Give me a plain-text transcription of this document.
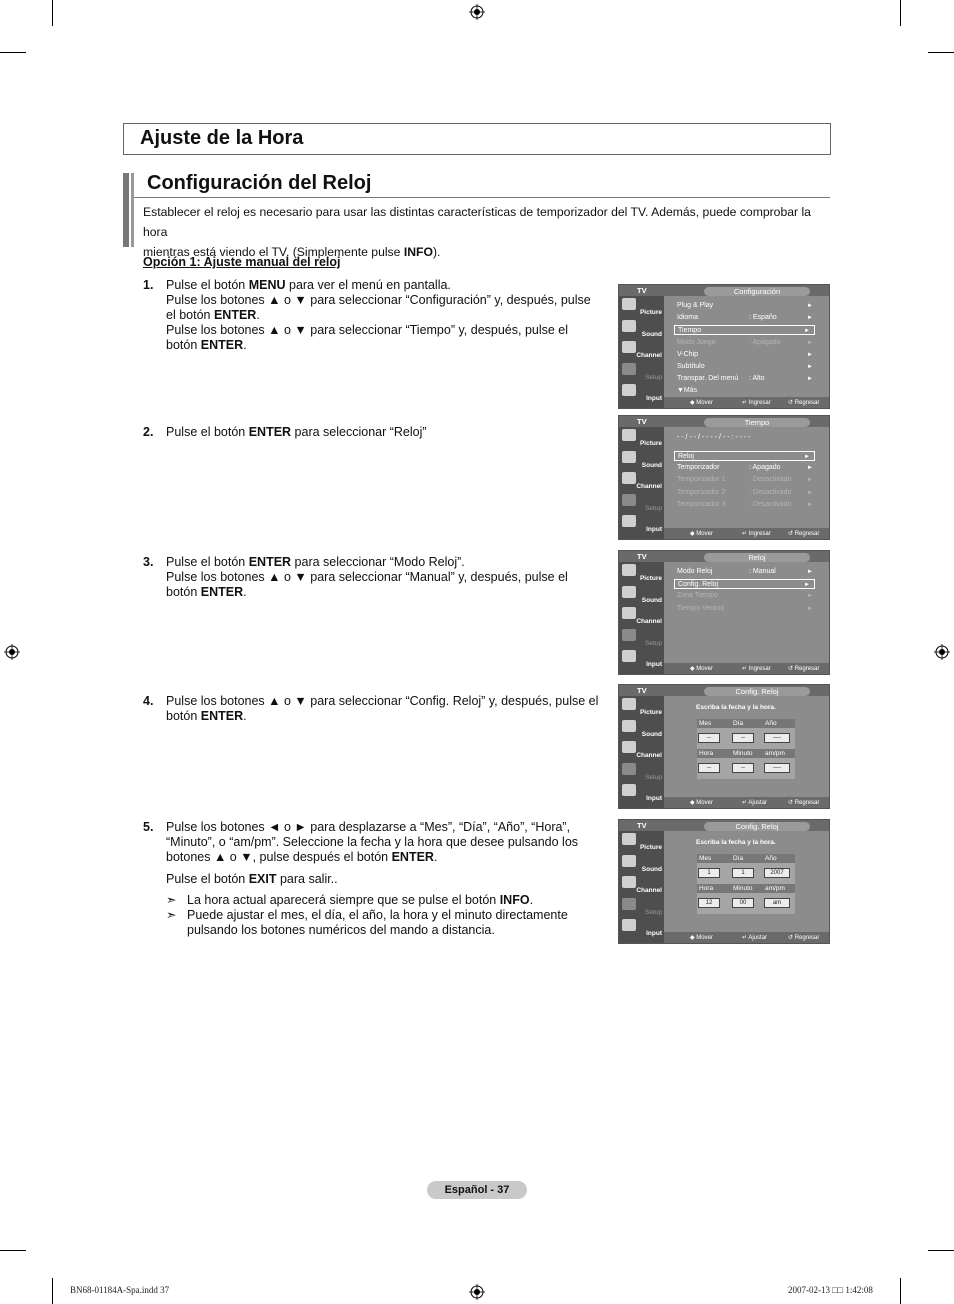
Ajuste de la Hora
Configuración del Reloj
Establecer el reloj es necesario para usar las distintas características de temporizador del TV. Además, puede comprobar la hora
mientras está viendo el TV. (Simplemente pulse INFO).
Opción 1: Ajuste manual del reloj
1. Pulse el botón MENU para ver el menú en pantalla.
Pulse los botones ▲ o ▼ para seleccionar “Configuración” y, después, pulse
el botón ENTER.
Pulse los botones ▲ o ▼ para seleccionar “Tiempo” y, después, pulse el
botón ENTER.
2. Pulse el botón ENTER para seleccionar “Reloj”
3. Pulse el botón ENTER para seleccionar “Modo Reloj”.
Pulse los botones ▲ o ▼ para seleccionar “Manual” y, después, pulse el
botón ENTER.
4. Pulse los botones ▲ o ▼ para seleccionar “Config. Reloj” y, después, pulse el
botón ENTER.
5. Pulse los botones ◄ o ► para desplazarse a “Mes”, “Día”, “Año”, “Hora”,
“Minuto”, o “am/pm”. Seleccione la fecha y la hora que desee pulsando los
botones ▲ o ▼, pulse después el botón ENTER.
Pulse el botón EXIT para salir..
➣ La hora actual aparecerá siempre que se pulse el botón INFO.
➣ Puede ajustar el mes, el día, el año, la hora y el minuto directamente
pulsando los botones numéricos del mando a distancia.
TV	Configuración
Picture
Sound
Channel
Setup
Input
Plug & Play	►
Idioma	: Españo	►
Tiempo	►
Modo Juego	: Apagado	►
V-Chip	►
Subtítulo	►
Transpar. Del menú : Alto	►
▼Más
◆ Mover	↵ Ingresar	↺ Regresar
TV	Tiempo
Picture
Sound
Channel
Setup
Input
- - / - - / - - - - / - - : - - - -
Reloj	►
Temporizador	: Apagado	►
Temporizador 1	: Desactivado	►
Temporizador 2	: Desactivado	►
Temporizador 3	: Desactivado	►
◆ Mover	↵ Ingresar	↺ Regresar
TV	Reloj
Picture
Sound
Channel
Setup
Input
Modo Reloj	: Manual	►
Config. Reloj	►
Zona Tiempo	►
Tiempo Verano	►
◆ Mover	↵ Ingresar	↺ Regresar
TV	Config. Reloj
Picture
Sound
Channel
Setup
Input
Escriba la fecha y la hora.
Mes	Día	Año
--	--	----
Hora	Minuto am/pm
--	--	----
◆ Mover	↵ Ajustar	↺ Regresar
TV	Config. Reloj
Picture
Sound
Channel
Setup
Input
Escriba la fecha y la hora.
Mes	Día	Año
1	1	2007
Hora	Minuto am/pm
12	00	am
◆ Mover	↵ Ajustar	↺ Regresar
Español - 37
BN68-01184A-Spa.indd 37	2007-02-13 □□ 1:42:08
